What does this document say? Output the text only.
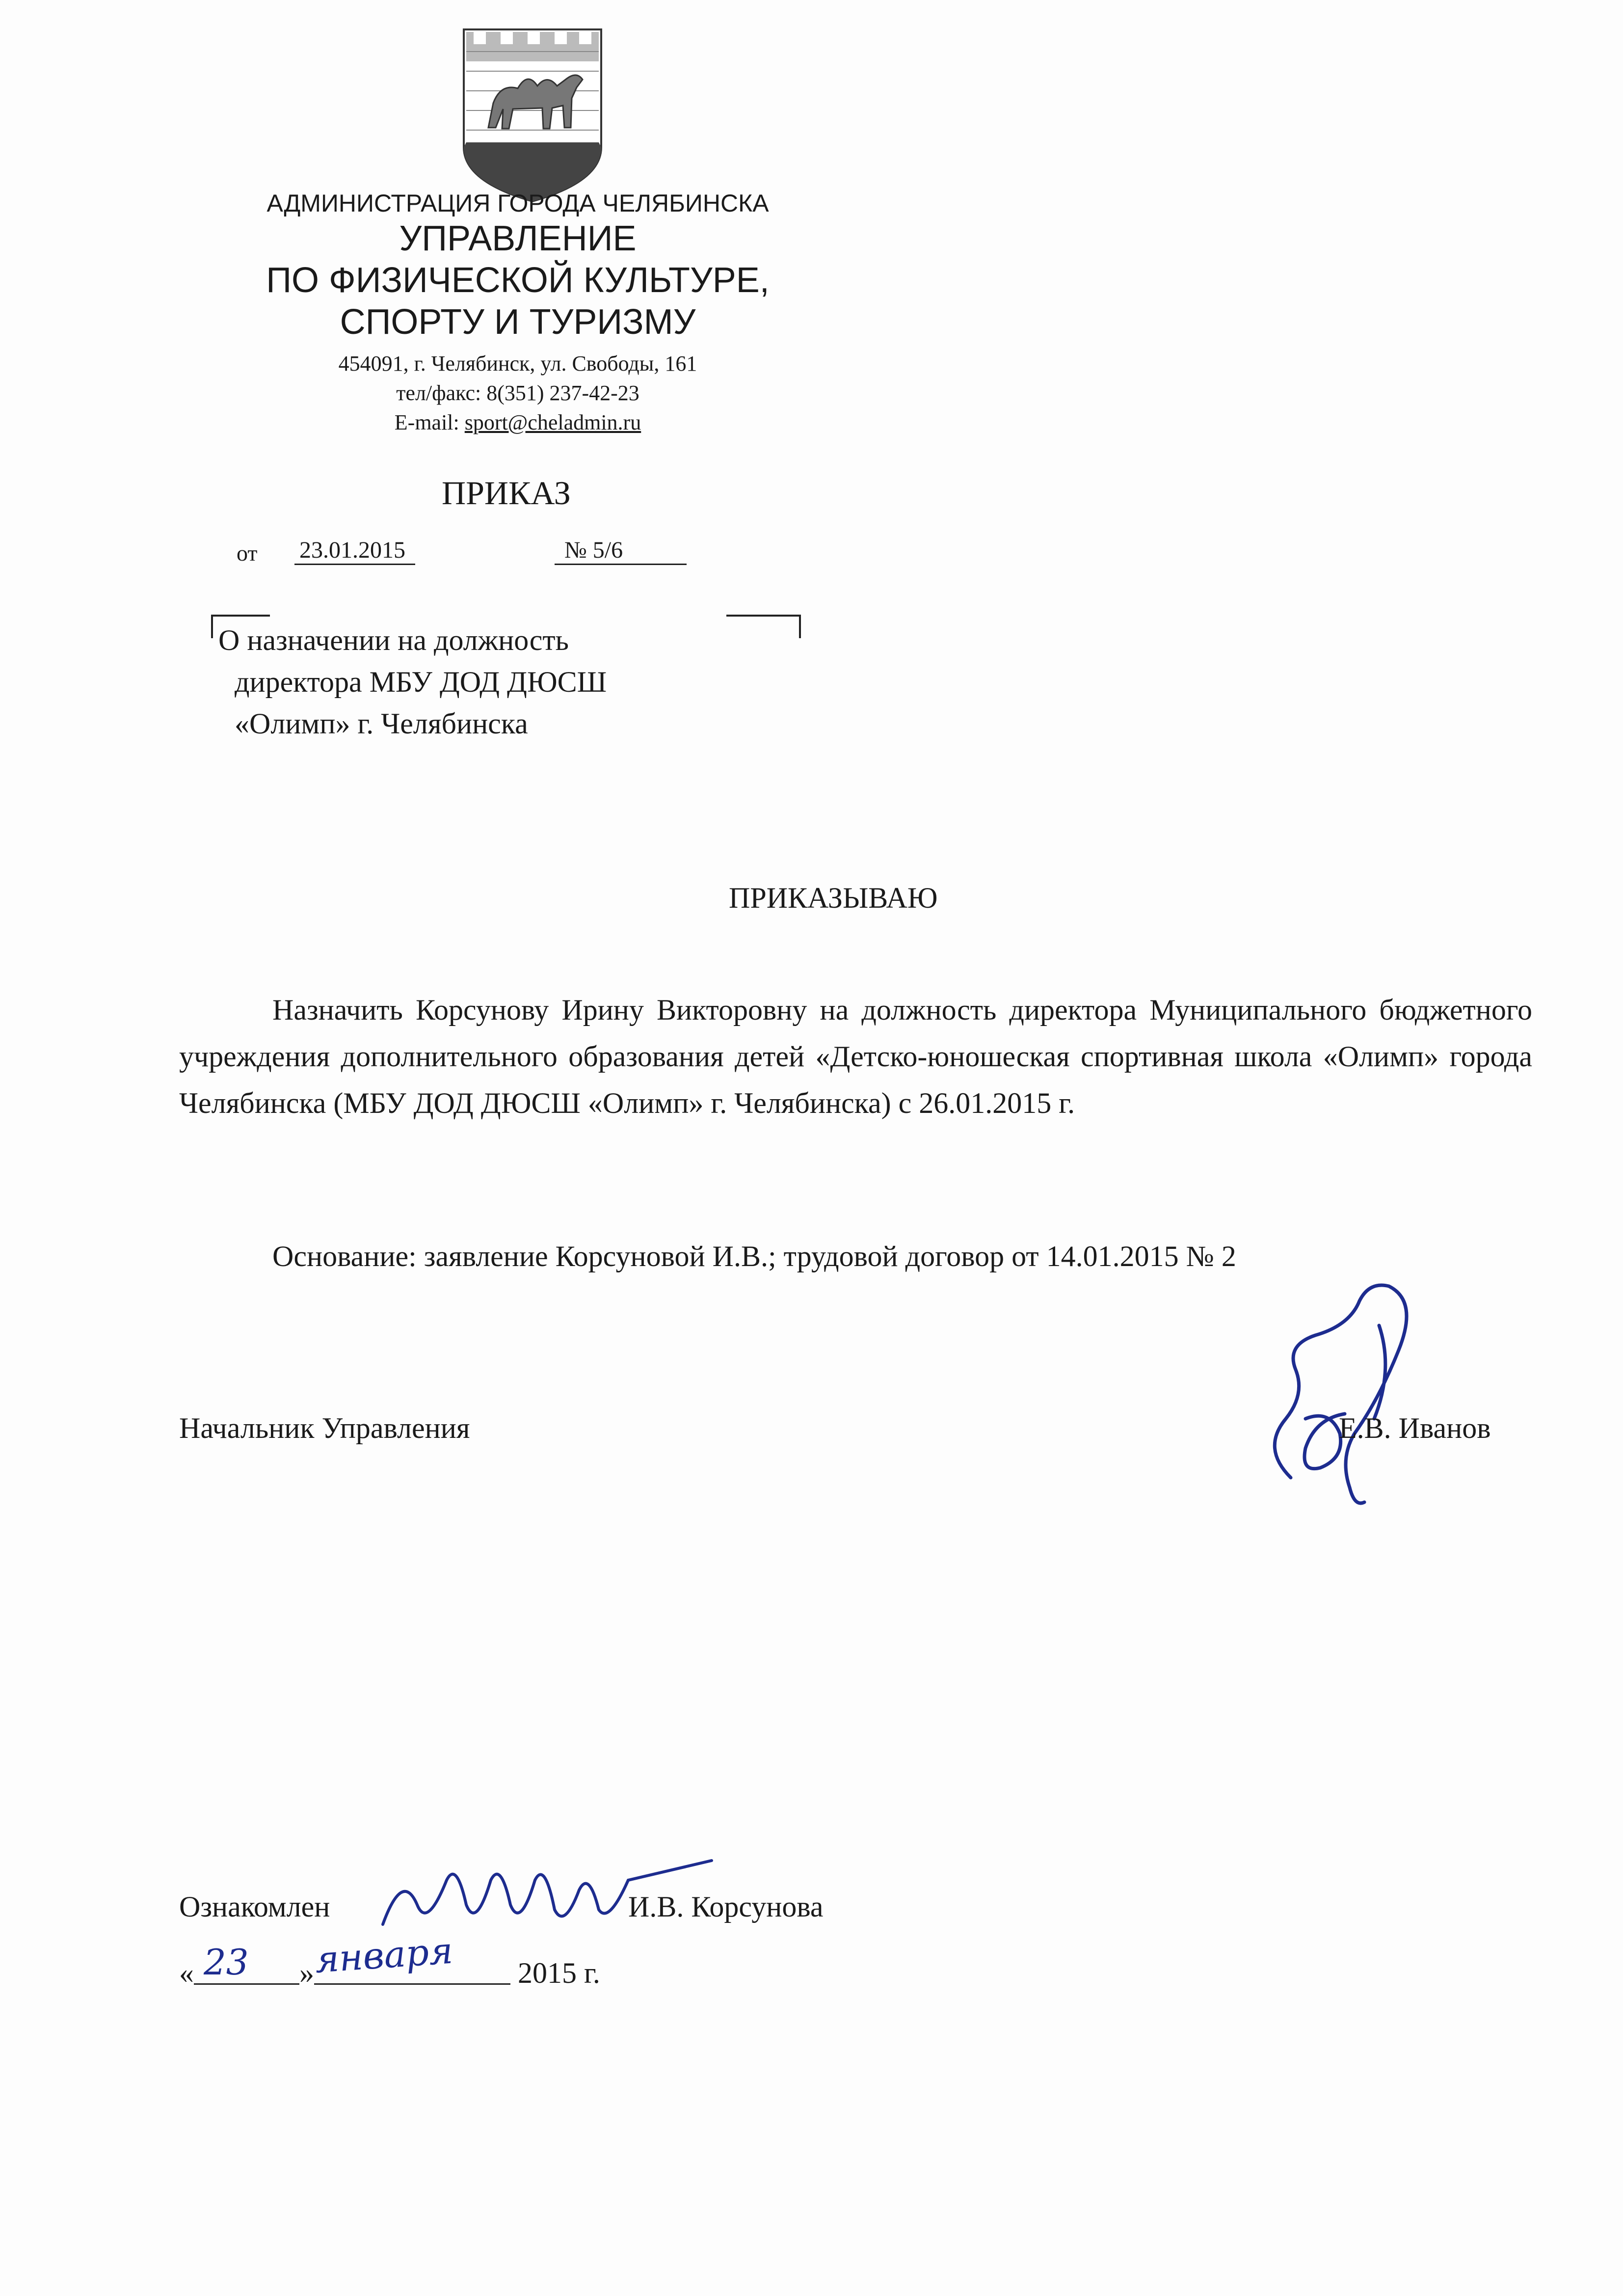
АДМИНИСТРАЦИЯ ГОРОДА ЧЕЛЯБИНСКА
УПРАВЛЕНИЕ
ПО ФИЗИЧЕСКОЙ КУЛЬТУРЕ,
СПОРТУ И ТУРИЗМУ
454091, г. Челябинск, ул. Свободы, 161
тел/факс: 8(351) 237-42-23
E-mail: sport@cheladmin.ru
ПРИКАЗ
от 23.01.2015	№ 5/6
О назначении на должность
директора МБУ ДОД ДЮСШ
«Олимп» г. Челябинска
ПРИКАЗЫВАЮ
Назначить Корсунову Ирину Викторовну на должность директора Муниципального бюджетного учреждения дополнительного образования детей «Детско-юношеская спортивная школа «Олимп» города Челябинска (МБУ ДОД ДЮСШ «Олимп» г. Челябинска) с 26.01.2015 г.
Основание: заявление Корсуновой И.В.; трудовой договор от 14.01.2015 № 2
Начальник Управления	Е.В. Иванов
Ознакомлен	И.В. Корсунова
« 23 » января 2015 г.
